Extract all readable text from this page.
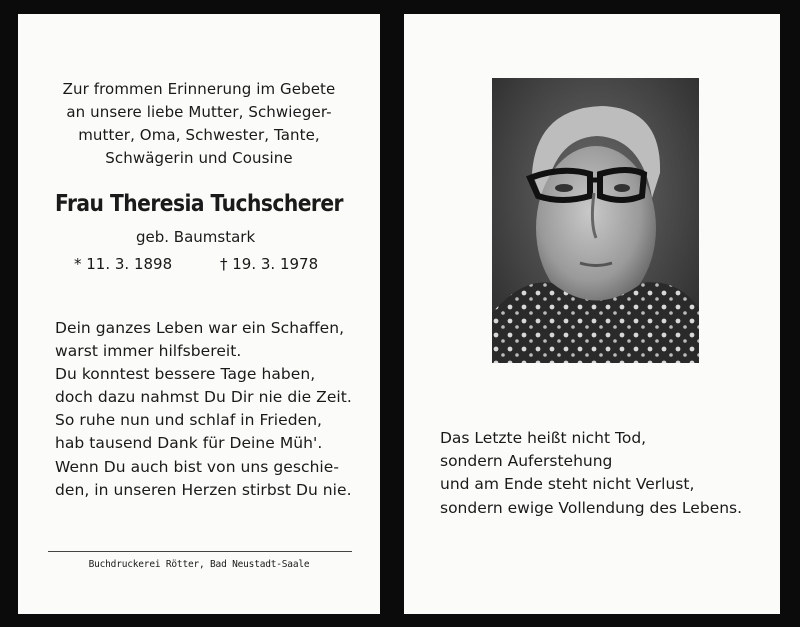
Zur frommen Erinnerung im Gebete
an unsere liebe Mutter, Schwieger-
mutter, Oma, Schwester, Tante,
Schwägerin und Cousine
Frau Theresia Tuchscherer
geb. Baumstark
* 11. 3. 1898	† 19. 3. 1978
Dein ganzes Leben war ein Schaffen,
warst immer hilfsbereit.
Du konntest bessere Tage haben,
doch dazu nahmst Du Dir nie die Zeit.
So ruhe nun und schlaf in Frieden,
hab tausend Dank für Deine Müh'.
Wenn Du auch bist von uns geschie-
den, in unseren Herzen stirbst Du nie.
Buchdruckerei Rötter, Bad Neustadt-Saale
Das Letzte heißt nicht Tod,
sondern Auferstehung
und am Ende steht nicht Verlust,
sondern ewige Vollendung des Lebens.
